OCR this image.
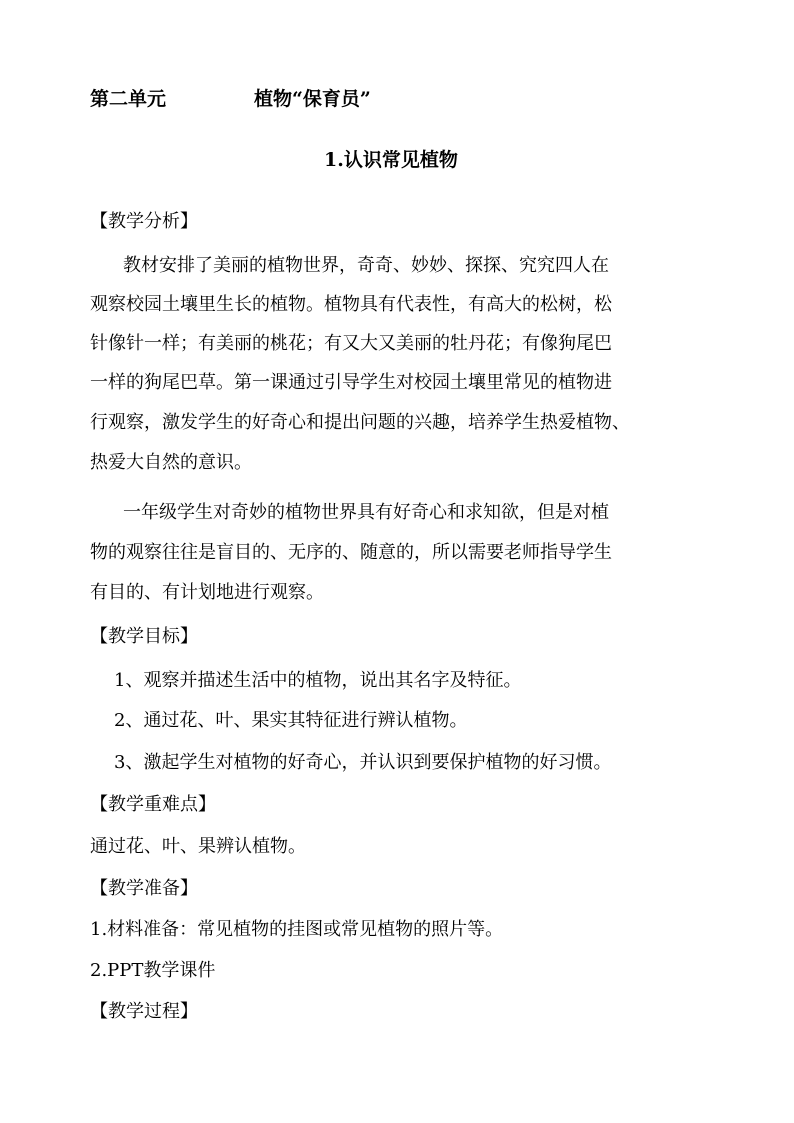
第二单元	植物“保育员”
1.认识常见植物
【教学分析】
教材安排了美丽的植物世界，奇奇、妙妙、探探、究究四人在
观察校园土壤里生长的植物。植物具有代表性，有高大的松树，松
针像针一样；有美丽的桃花；有又大又美丽的牡丹花；有像狗尾巴
一样的狗尾巴草。第一课通过引导学生对校园土壤里常见的植物进
行观察，激发学生的好奇心和提出问题的兴趣，培养学生热爱植物、
热爱大自然的意识。
一年级学生对奇妙的植物世界具有好奇心和求知欲，但是对植
物的观察往往是盲目的、无序的、随意的，所以需要老师指导学生
有目的、有计划地进行观察。
【教学目标】
1、观察并描述生活中的植物，说出其名字及特征。
2、通过花、叶、果实其特征进行辨认植物。
3、激起学生对植物的好奇心，并认识到要保护植物的好习惯。
【教学重难点】
通过花、叶、果辨认植物。
【教学准备】
1.材料准备：常见植物的挂图或常见植物的照片等。
2.PPT教学课件
【教学过程】
